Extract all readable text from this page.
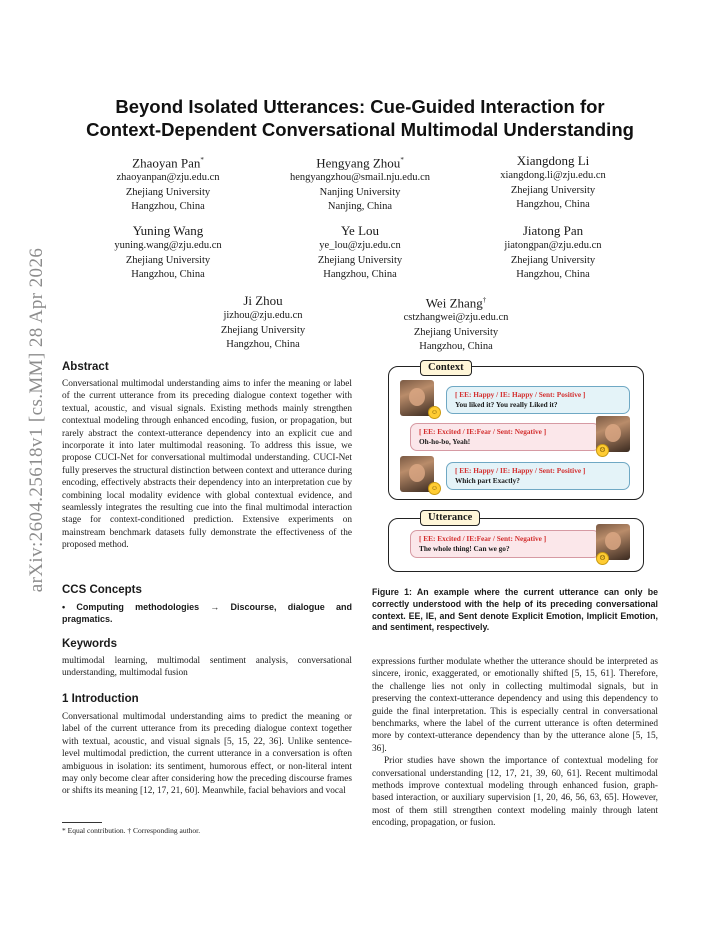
arXiv:2604.25618v1 [cs.MM] 28 Apr 2026
Beyond Isolated Utterances: Cue-Guided Interaction for
Context-Dependent Conversational Multimodal Understanding
Zhaoyan Pan*
zhaoyanpan@zju.edu.cn
Zhejiang University
Hangzhou, China
Hengyang Zhou*
hengyangzhou@smail.nju.edu.cn
Nanjing University
Nanjing, China
Xiangdong Li
xiangdong.li@zju.edu.cn
Zhejiang University
Hangzhou, China
Yuning Wang
yuning.wang@zju.edu.cn
Zhejiang University
Hangzhou, China
Ye Lou
ye_lou@zju.edu.cn
Zhejiang University
Hangzhou, China
Jiatong Pan
jiatongpan@zju.edu.cn
Zhejiang University
Hangzhou, China
Ji Zhou
jizhou@zju.edu.cn
Zhejiang University
Hangzhou, China
Wei Zhang†
cstzhangwei@zju.edu.cn
Zhejiang University
Hangzhou, China
Abstract
Conversational multimodal understanding aims to infer the meaning or label of the current utterance from its preceding dialogue context together with textual, acoustic, and visual signals. Existing methods mainly strengthen contextual modeling through enhanced encoding, fusion, or propagation, but rarely abstract the context-utterance dependency into an explicit cue and incorporate it into later multimodal reasoning. To address this issue, we propose CUCI-Net for conversational multimodal understanding. CUCI-Net fully preserves the structural distinction between context and utterance during encoding, effectively abstracts their dependency into an interpretation cue by combining local modality evidence with global contextual evidence, and seamlessly integrates the resulting cue into the final multimodal interaction stage for context-conditioned prediction. Extensive experiments on mainstream benchmark datasets fully demonstrate the effectiveness of the proposed method.
CCS Concepts
• Computing methodologies → Discourse, dialogue and pragmatics.
Keywords
multimodal learning, multimodal sentiment analysis, conversational understanding, multimodal fusion
1 Introduction
Conversational multimodal understanding aims to predict the meaning or label of the current utterance from its preceding dialogue context together with textual, acoustic, and visual signals [5, 15, 22, 36]. Unlike sentence-level multimodal prediction, the current utterance in a conversation is often ambiguous in isolation: its sentiment, humorous effect, or non-literal intent may only become clear after considering how the preceding discourse frames or shifts its meaning [12, 17, 21, 60]. Meanwhile, facial behaviors and vocal
* Equal contribution. † Corresponding author.
Context
☺
[ EE: Happy / IE: Happy / Sent: Positive ]
You liked it? You really Liked it?
[ EE: Excited / IE:Fear / Sent: Negative ]
Oh-ho-bo, Yeah!
☹
☺
[ EE: Happy / IE: Happy / Sent: Positive ]
Which part Exactly?
Utterance
[ EE: Excited / IE:Fear / Sent: Negative ]
The whole thing! Can we go?
☹
Figure 1: An example where the current utterance can only be correctly understood with the help of its preceding conversational context. EE, IE, and Sent denote Explicit Emotion, Implicit Emotion, and sentiment, respectively.
expressions further modulate whether the utterance should be interpreted as sincere, ironic, exaggerated, or emotionally shifted [5, 15, 61]. Therefore, the challenge lies not only in collecting multimodal signals, but in preserving the context-utterance dependency and using this dependency to guide the final interpretation. This is especially central in conversational benchmarks, where the label of the current utterance is often determined more by context-utterance dependency than by the utterance alone [5, 15, 36].
Prior studies have shown the importance of contextual modeling for conversational understanding [12, 17, 21, 39, 60, 61]. Recent multimodal methods improve contextual modeling through enhanced fusion, graph-based interaction, or auxiliary supervision [1, 20, 46, 56, 63, 65]. However, most of them still strengthen context modeling mainly through latent encoding, propagation, or fusion.
